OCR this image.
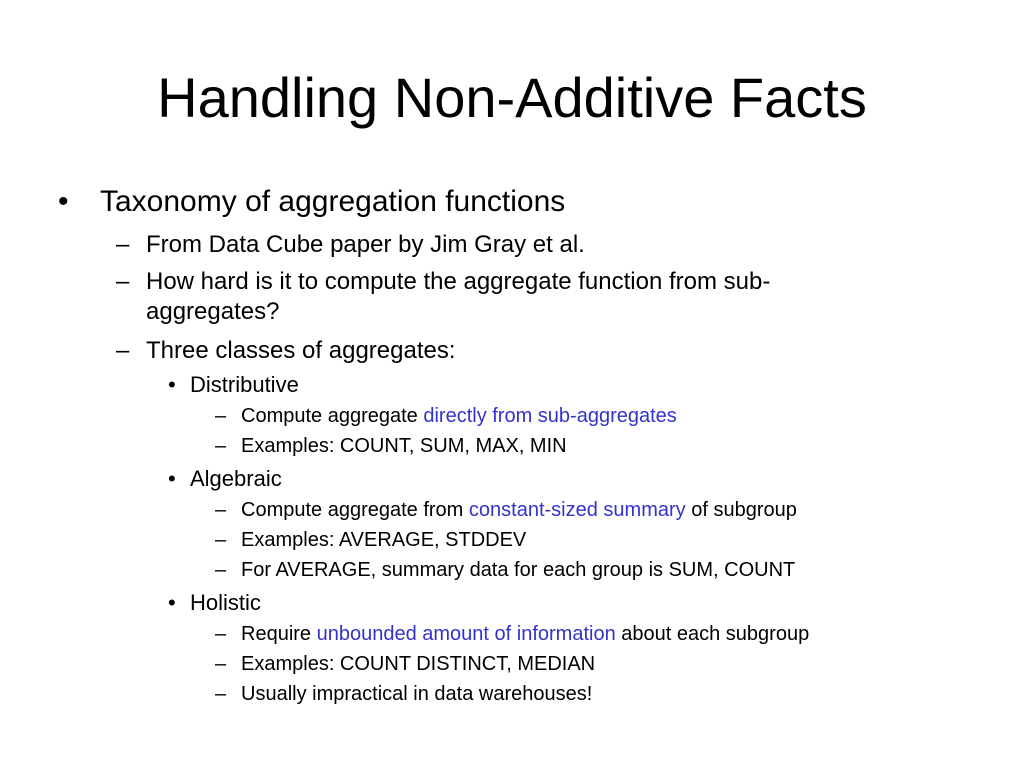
Handling Non-Additive Facts
• Taxonomy of aggregation functions
– From Data Cube paper by Jim Gray et al.
– How hard is it to compute the aggregate function from sub-
aggregates?
– Three classes of aggregates:
• Distributive
– Compute aggregate directly from sub-aggregates
– Examples: COUNT, SUM, MAX, MIN
• Algebraic
– Compute aggregate from constant-sized summary of subgroup
– Examples: AVERAGE, STDDEV
– For AVERAGE, summary data for each group is SUM, COUNT
• Holistic
– Require unbounded amount of information about each subgroup
– Examples: COUNT DISTINCT, MEDIAN
– Usually impractical in data warehouses!
